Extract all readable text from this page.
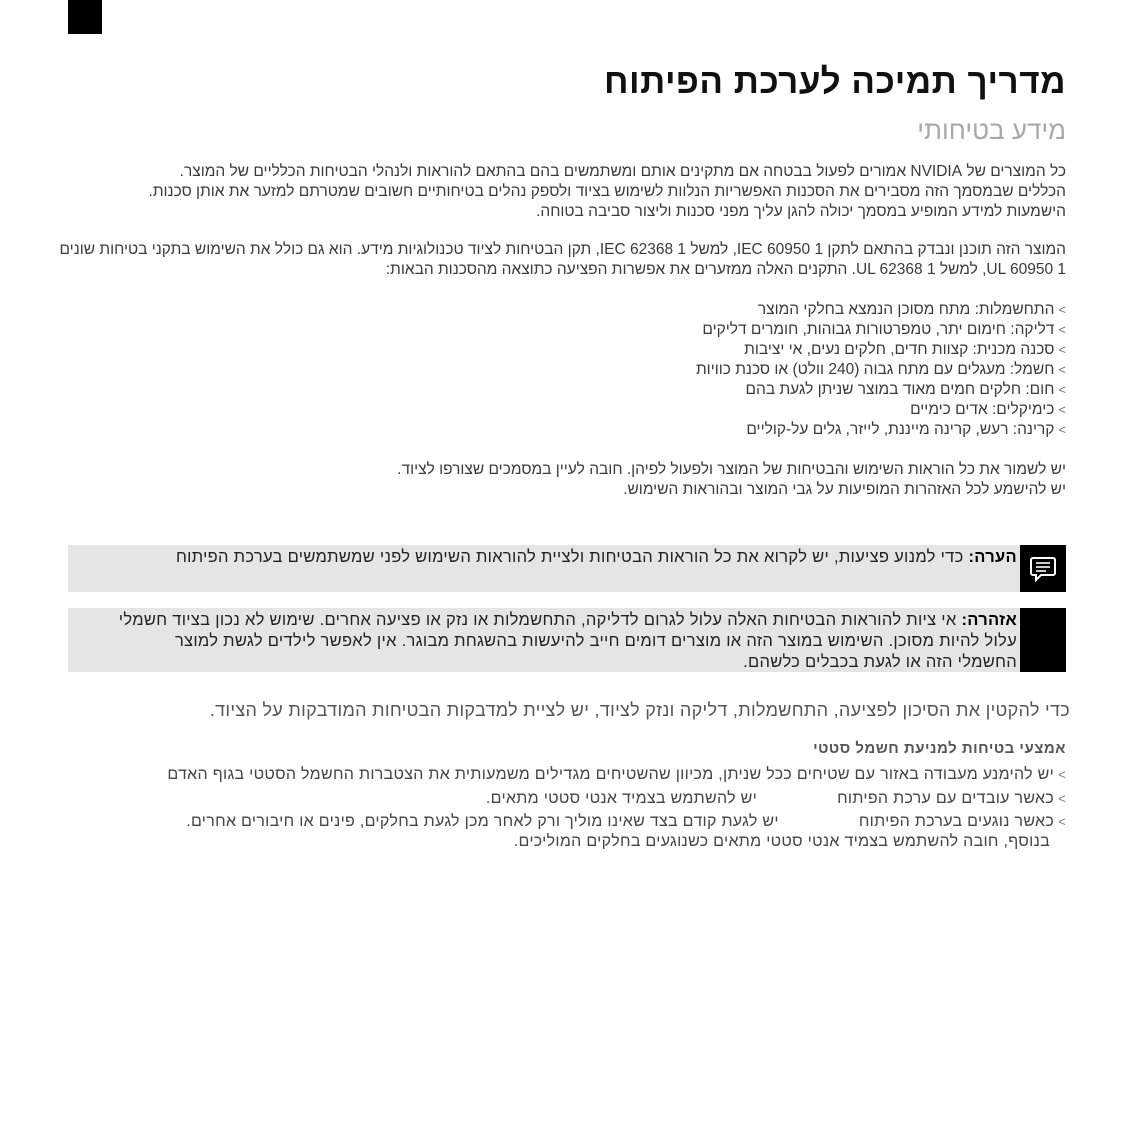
מדריך תמיכה לערכת הפיתוח
מידע בטיחותי

כל המוצרים של NVIDIA אמורים לפעול בבטחה אם מתקינים אותם ומשתמשים בהם בהתאם להוראות ולנהלי הבטיחות הכלליים של המוצר.
הכללים שבמסמך הזה מסבירים את הסכנות האפשריות הנלוות לשימוש בציוד ולספק נהלים בטיחותיים חשובים שמטרתם למזער את אותן סכנות.
הישמעות למידע המופיע במסמך יכולה להגן עליך מפני סכנות וליצור סביבה בטוחה.

המוצר הזה תוכנן ונבדק בהתאם לתקן IEC 60950 1, למשל IEC 62368 1, תקן הבטיחות לציוד טכנולוגיות מידע. הוא גם כולל את השימוש בתקני בטיחות שונים
UL 60950 1, למשל UL 62368 1. התקנים האלה ממזערים את אפשרות הפציעה כתוצאה מהסכנות הבאות:

>התחשמלות: מתח מסוכן הנמצא בחלקי המוצר
>דליקה: חימום יתר, טמפרטורות גבוהות, חומרים דליקים
>סכנה מכנית: קצוות חדים, חלקים נעים, אי יציבות
>חשמל: מעגלים עם מתח גבוה (240 וולט) או סכנת כוויות
>חום: חלקים חמים מאוד במוצר שניתן לגעת בהם
>כימיקלים: אדים כימיים
>קרינה: רעש, קרינה מייננת, לייזר, גלים על-קוליים

יש לשמור את כל הוראות השימוש והבטיחות של המוצר ולפעול לפיהן. חובה לעיין במסמכים שצורפו לציוד.
יש להישמע לכל האזהרות המופיעות על גבי המוצר ובהוראות השימוש.

הערה: כדי למנוע פציעות, יש לקרוא את כל הוראות הבטיחות ולציית להוראות השימוש לפני שמשתמשים בערכת הפיתוח
אזהרה: אי ציות להוראות הבטיחות האלה עלול לגרום לדליקה, התחשמלות או נזק או פציעה אחרים. שימוש לא נכון בציוד חשמלי
עלול להיות מסוכן. השימוש במוצר הזה או מוצרים דומים חייב להיעשות בהשגחת מבוגר. אין לאפשר לילדים לגשת למוצר
החשמלי הזה או לגעת בכבלים כלשהם.
כדי להקטין את הסיכון לפציעה, התחשמלות, דליקה ונזק לציוד, יש לציית למדבקות הבטיחות המודבקות על הציוד.
אמצעי בטיחות למניעת חשמל סטטי
>יש להימנע מעבודה באזור עם שטיחים ככל שניתן, מכיוון שהשטיחים מגדילים משמעותית את הצטברות החשמל הסטטי בגוף האדם
>כאשר עובדים עם ערכת הפיתוחיש להשתמש בצמיד אנטי סטטי מתאים.
>כאשר נוגעים בערכת הפיתוחיש לגעת קודם בצד שאינו מוליך ורק לאחר מכן לגעת בחלקים, פינים או חיבורים אחרים.
בנוסף, חובה להשתמש בצמיד אנטי סטטי מתאים כשנוגעים בחלקים המוליכים.
